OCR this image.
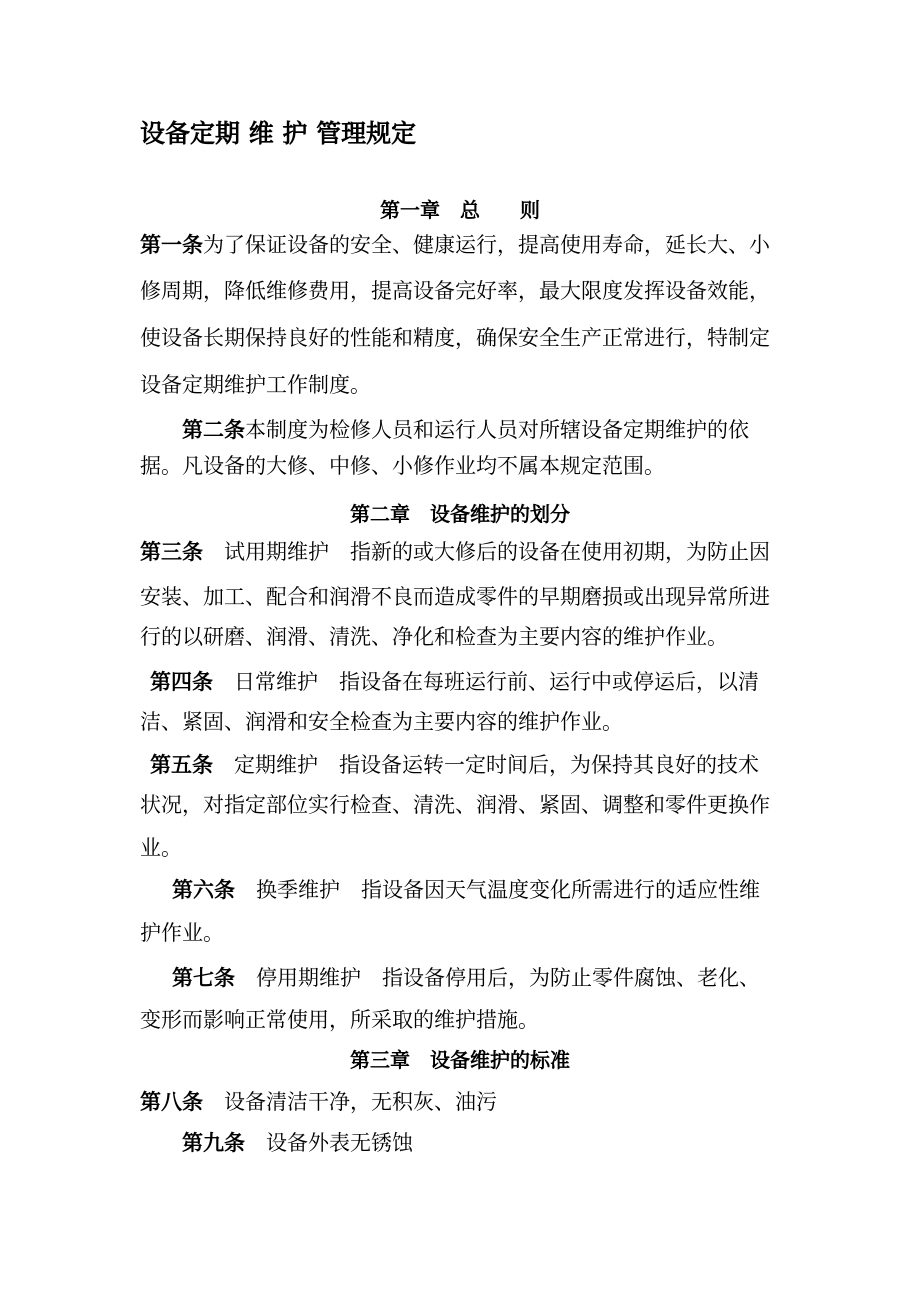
设备定期 维 护 管理规定
第一章　总　　则
第二章　设备维护的划分
第三章　设备维护的标准
第一条为了保证设备的安全、健康运行，提高使用寿命，延长大、小
修周期，降低维修费用，提高设备完好率，最大限度发挥设备效能，
使设备长期保持良好的性能和精度，确保安全生产正常进行，特制定
设备定期维护工作制度。
第二条本制度为检修人员和运行人员对所辖设备定期维护的依
据。凡设备的大修、中修、小修作业均不属本规定范围。
第三条　试用期维护　指新的或大修后的设备在使用初期，为防止因
安装、加工、配合和润滑不良而造成零件的早期磨损或出现异常所进
行的以研磨、润滑、清洗、净化和检查为主要内容的维护作业。
第四条　日常维护　指设备在每班运行前、运行中或停运后，以清
洁、紧固、润滑和安全检查为主要内容的维护作业。
第五条　定期维护　指设备运转一定时间后，为保持其良好的技术
状况，对指定部位实行检查、清洗、润滑、紧固、调整和零件更换作
业。
第六条　换季维护　指设备因天气温度变化所需进行的适应性维
护作业。
第七条　停用期维护　指设备停用后，为防止零件腐蚀、老化、
变形而影响正常使用，所采取的维护措施。
第八条　设备清洁干净，无积灰、油污
第九条　设备外表无锈蚀
